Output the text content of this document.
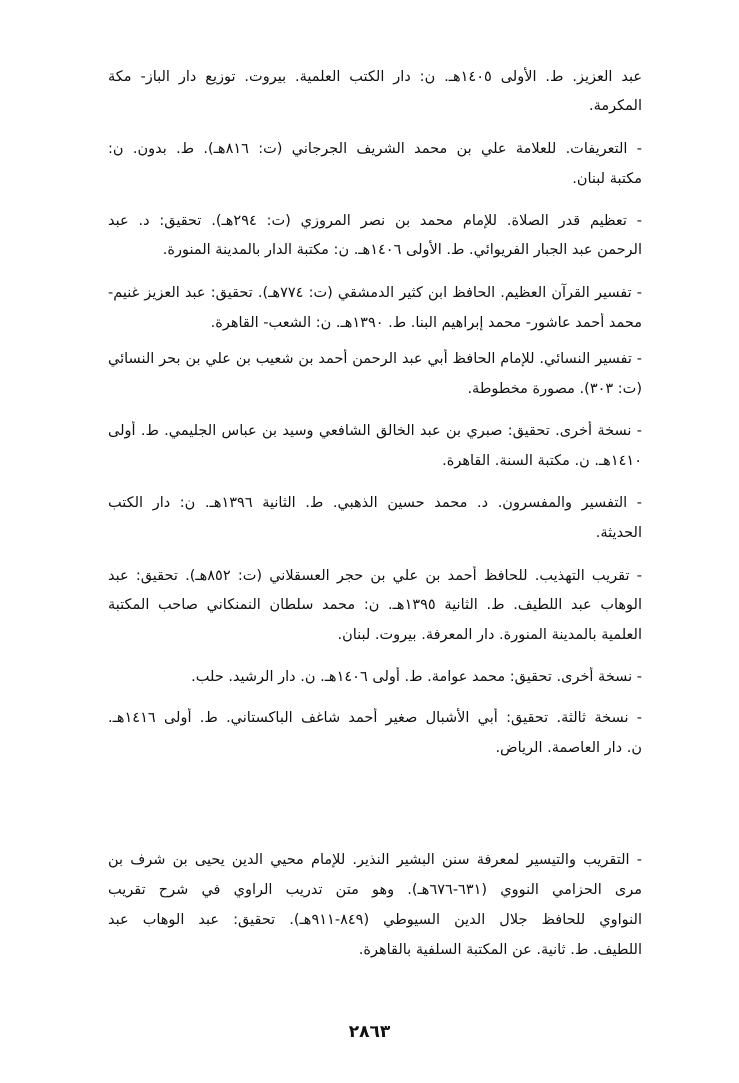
عبد العزيز. ط. الأولى ١٤٠٥هـ. ن: دار الكتب العلمية. بيروت. توزيع دار الباز- مكة
المكرمة.
- التعريفات. للعلامة علي بن محمد الشريف الجرجاني (ت: ٨١٦هـ). ط. بدون. ن:
مكتبة لبنان.
- تعظيم قدر الصلاة. للإمام محمد بن نصر المروزي (ت: ٢٩٤هـ). تحقيق: د. عبد
الرحمن عبد الجبار الفريوائي. ط. الأولى ١٤٠٦هـ. ن: مكتبة الدار بالمدينة المنورة.
- تفسير القرآن العظيم. الحافظ ابن كثير الدمشقي (ت: ٧٧٤هـ). تحقيق: عبد العزيز غنيم-
محمد أحمد عاشور- محمد إبراهيم البنا. ط. ١٣٩٠هـ. ن: الشعب- القاهرة.
- تفسير النسائي. للإمام الحافظ أبي عبد الرحمن أحمد بن شعيب بن علي بن بحر النسائي
(ت: ٣٠٣). مصورة مخطوطة.
- نسخة أخرى. تحقيق: صبري بن عبد الخالق الشافعي وسيد بن عباس الجليمي. ط. أولى
١٤١٠هـ. ن. مكتبة السنة. القاهرة.
- التفسير والمفسرون. د. محمد حسين الذهبي. ط. الثانية ١٣٩٦هـ. ن: دار الكتب
الحديثة.
- تقريب التهذيب. للحافظ أحمد بن علي بن حجر العسقلاني (ت: ٨٥٢هـ). تحقيق: عبد
الوهاب عبد اللطيف. ط. الثانية ١٣٩٥هـ. ن: محمد سلطان النمنكاني صاحب المكتبة
العلمية بالمدينة المنورة. دار المعرفة. بيروت. لبنان.
- نسخة أخرى. تحقيق: محمد عوامة. ط. أولى ١٤٠٦هـ. ن. دار الرشيد. حلب.
- نسخة ثالثة. تحقيق: أبي الأشبال صغير أحمد شاغف الباكستاني. ط. أولى ١٤١٦هـ.
ن. دار العاصمة. الرياض.
- التقريب والتيسير لمعرفة سنن البشير النذير. للإمام محيي الدين يحيى بن شرف بن
مرى الحزامي النووي (٦٣١-٦٧٦هـ). وهو متن تدريب الراوي في شرح تقريب
النواوي للحافظ جلال الدين السيوطي (٨٤٩-٩١١هـ). تحقيق: عبد الوهاب عبد
اللطيف. ط. ثانية. عن المكتبة السلفية بالقاهرة.
٢٨٦٣
